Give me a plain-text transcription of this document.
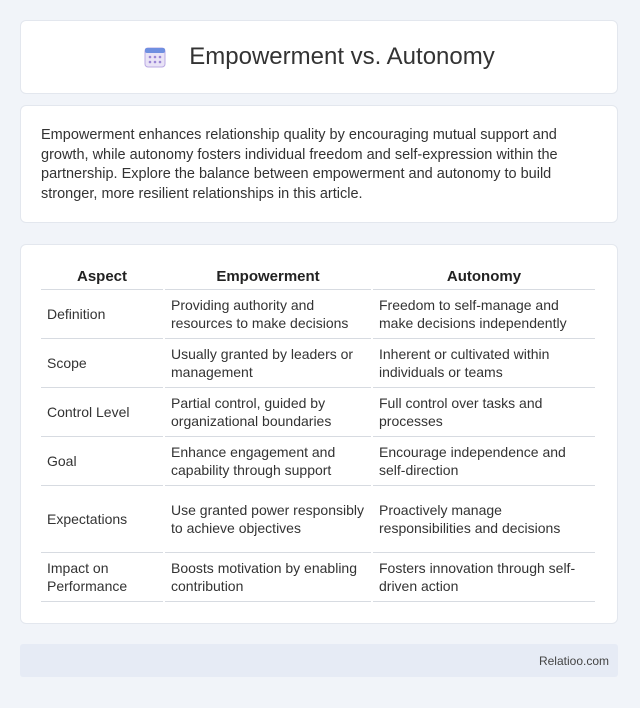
Empowerment vs. Autonomy

Empowerment enhances relationship quality by encouraging mutual support and growth, while autonomy fosters individual freedom and self-expression within the partnership. Explore the balance between empowerment and autonomy to build stronger, more resilient relationships in this article.

Aspect	Empowerment	Autonomy
Definition	Providing authority and resources to make decisions	Freedom to self-manage and make decisions independently
Scope	Usually granted by leaders or management	Inherent or cultivated within individuals or teams
Control Level	Partial control, guided by organizational boundaries	Full control over tasks and processes
Goal	Enhance engagement and capability through support	Encourage independence and self-direction
Expectations	Use granted power responsibly to achieve objectives	Proactively manage responsibilities and decisions
Impact on Performance	Boosts motivation by enabling contribution	Fosters innovation through self-driven action
Relatioo.com
